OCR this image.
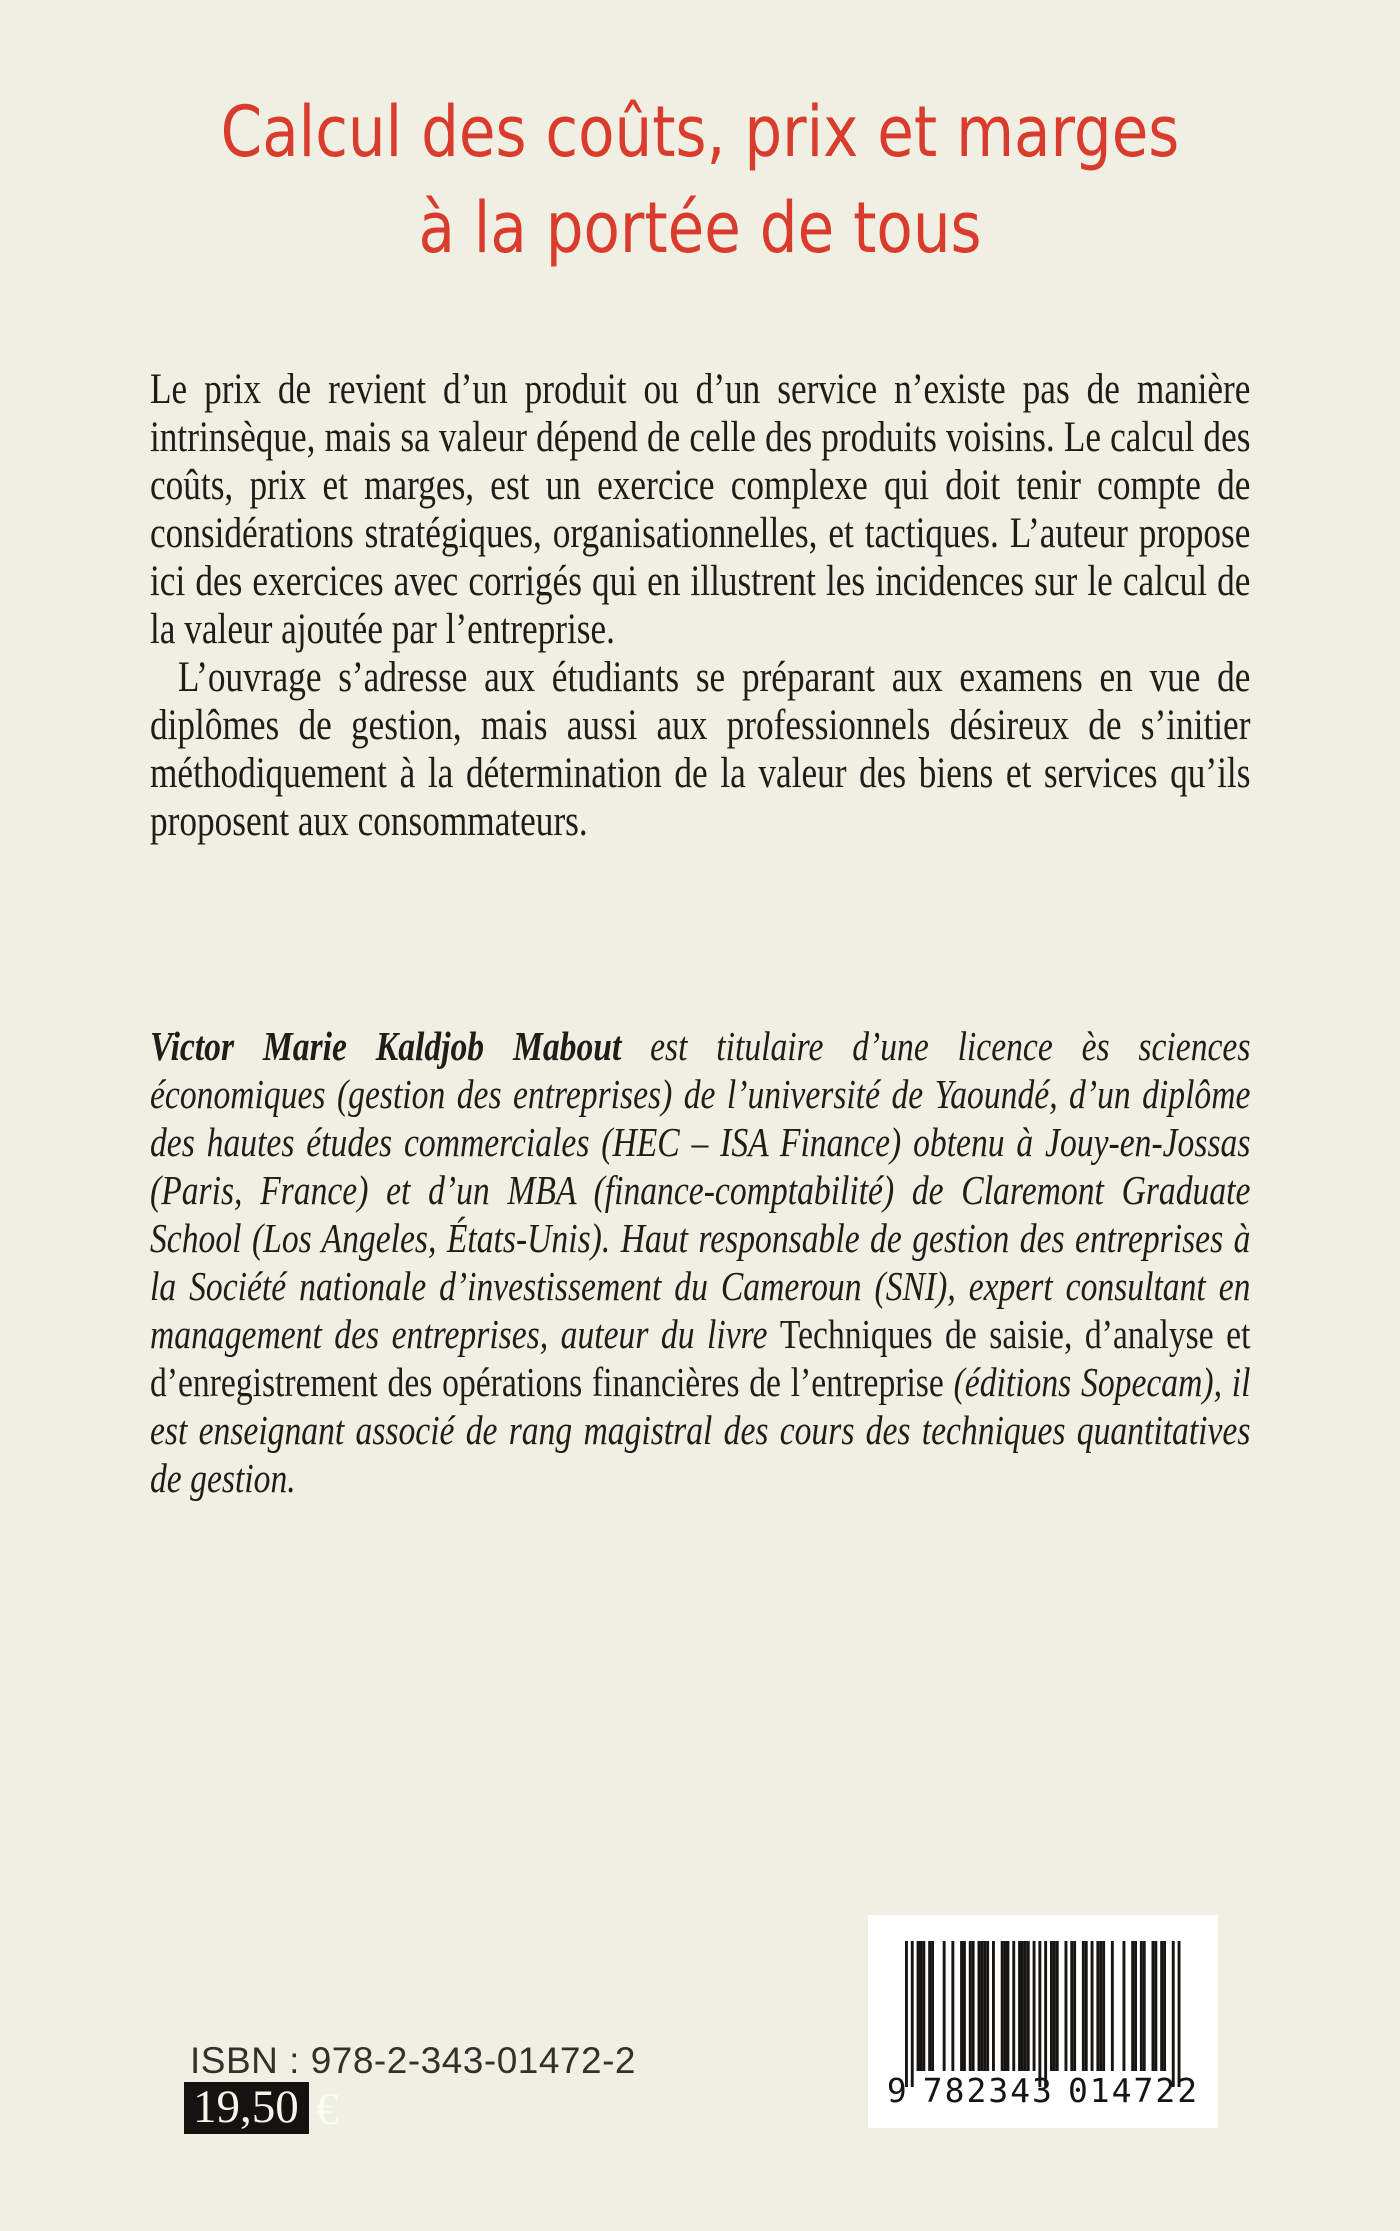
Calcul des coûts, prix et marges
à la portée de tous

Le prix de revient d’un produit ou d’un service n’existe pas de manière intrinsèque, mais sa valeur dépend de celle des produits voisins. Le calcul des coûts, prix et marges, est un exercice complexe qui doit tenir compte de considérations stratégiques, organisationnelles, et tactiques. L’auteur propose ici des exercices avec corrigés qui en illustrent les incidences sur le calcul de la valeur ajoutée par l’entreprise.

L’ouvrage s’adresse aux étudiants se préparant aux examens en vue de diplômes de gestion, mais aussi aux professionnels désireux de s’initier méthodiquement à la détermination de la valeur des biens et services qu’ils proposent aux consommateurs.

Victor Marie Kaldjob Mabout est titulaire d’une licence ès sciences économiques (gestion des entreprises) de l’université de Yaoundé, d’un diplôme des hautes études commerciales (HEC – ISA Finance) obtenu à Jouy-en-Jossas (Paris, France) et d’un MBA (finance-comptabilité) de Claremont Graduate School (Los Angeles, États-Unis). Haut responsable de gestion des entreprises à la Société nationale d’investissement du Cameroun (SNI), expert consultant en management des entreprises, auteur du livre Techniques de saisie, d’analyse et d’enregistrement des opérations financières de l’entreprise (éditions Sopecam), il est enseignant associé de rang magistral des cours des techniques quantitatives de gestion.

9 782343 014722
ISBN : 978-2-343-01472-2
19,50 €
